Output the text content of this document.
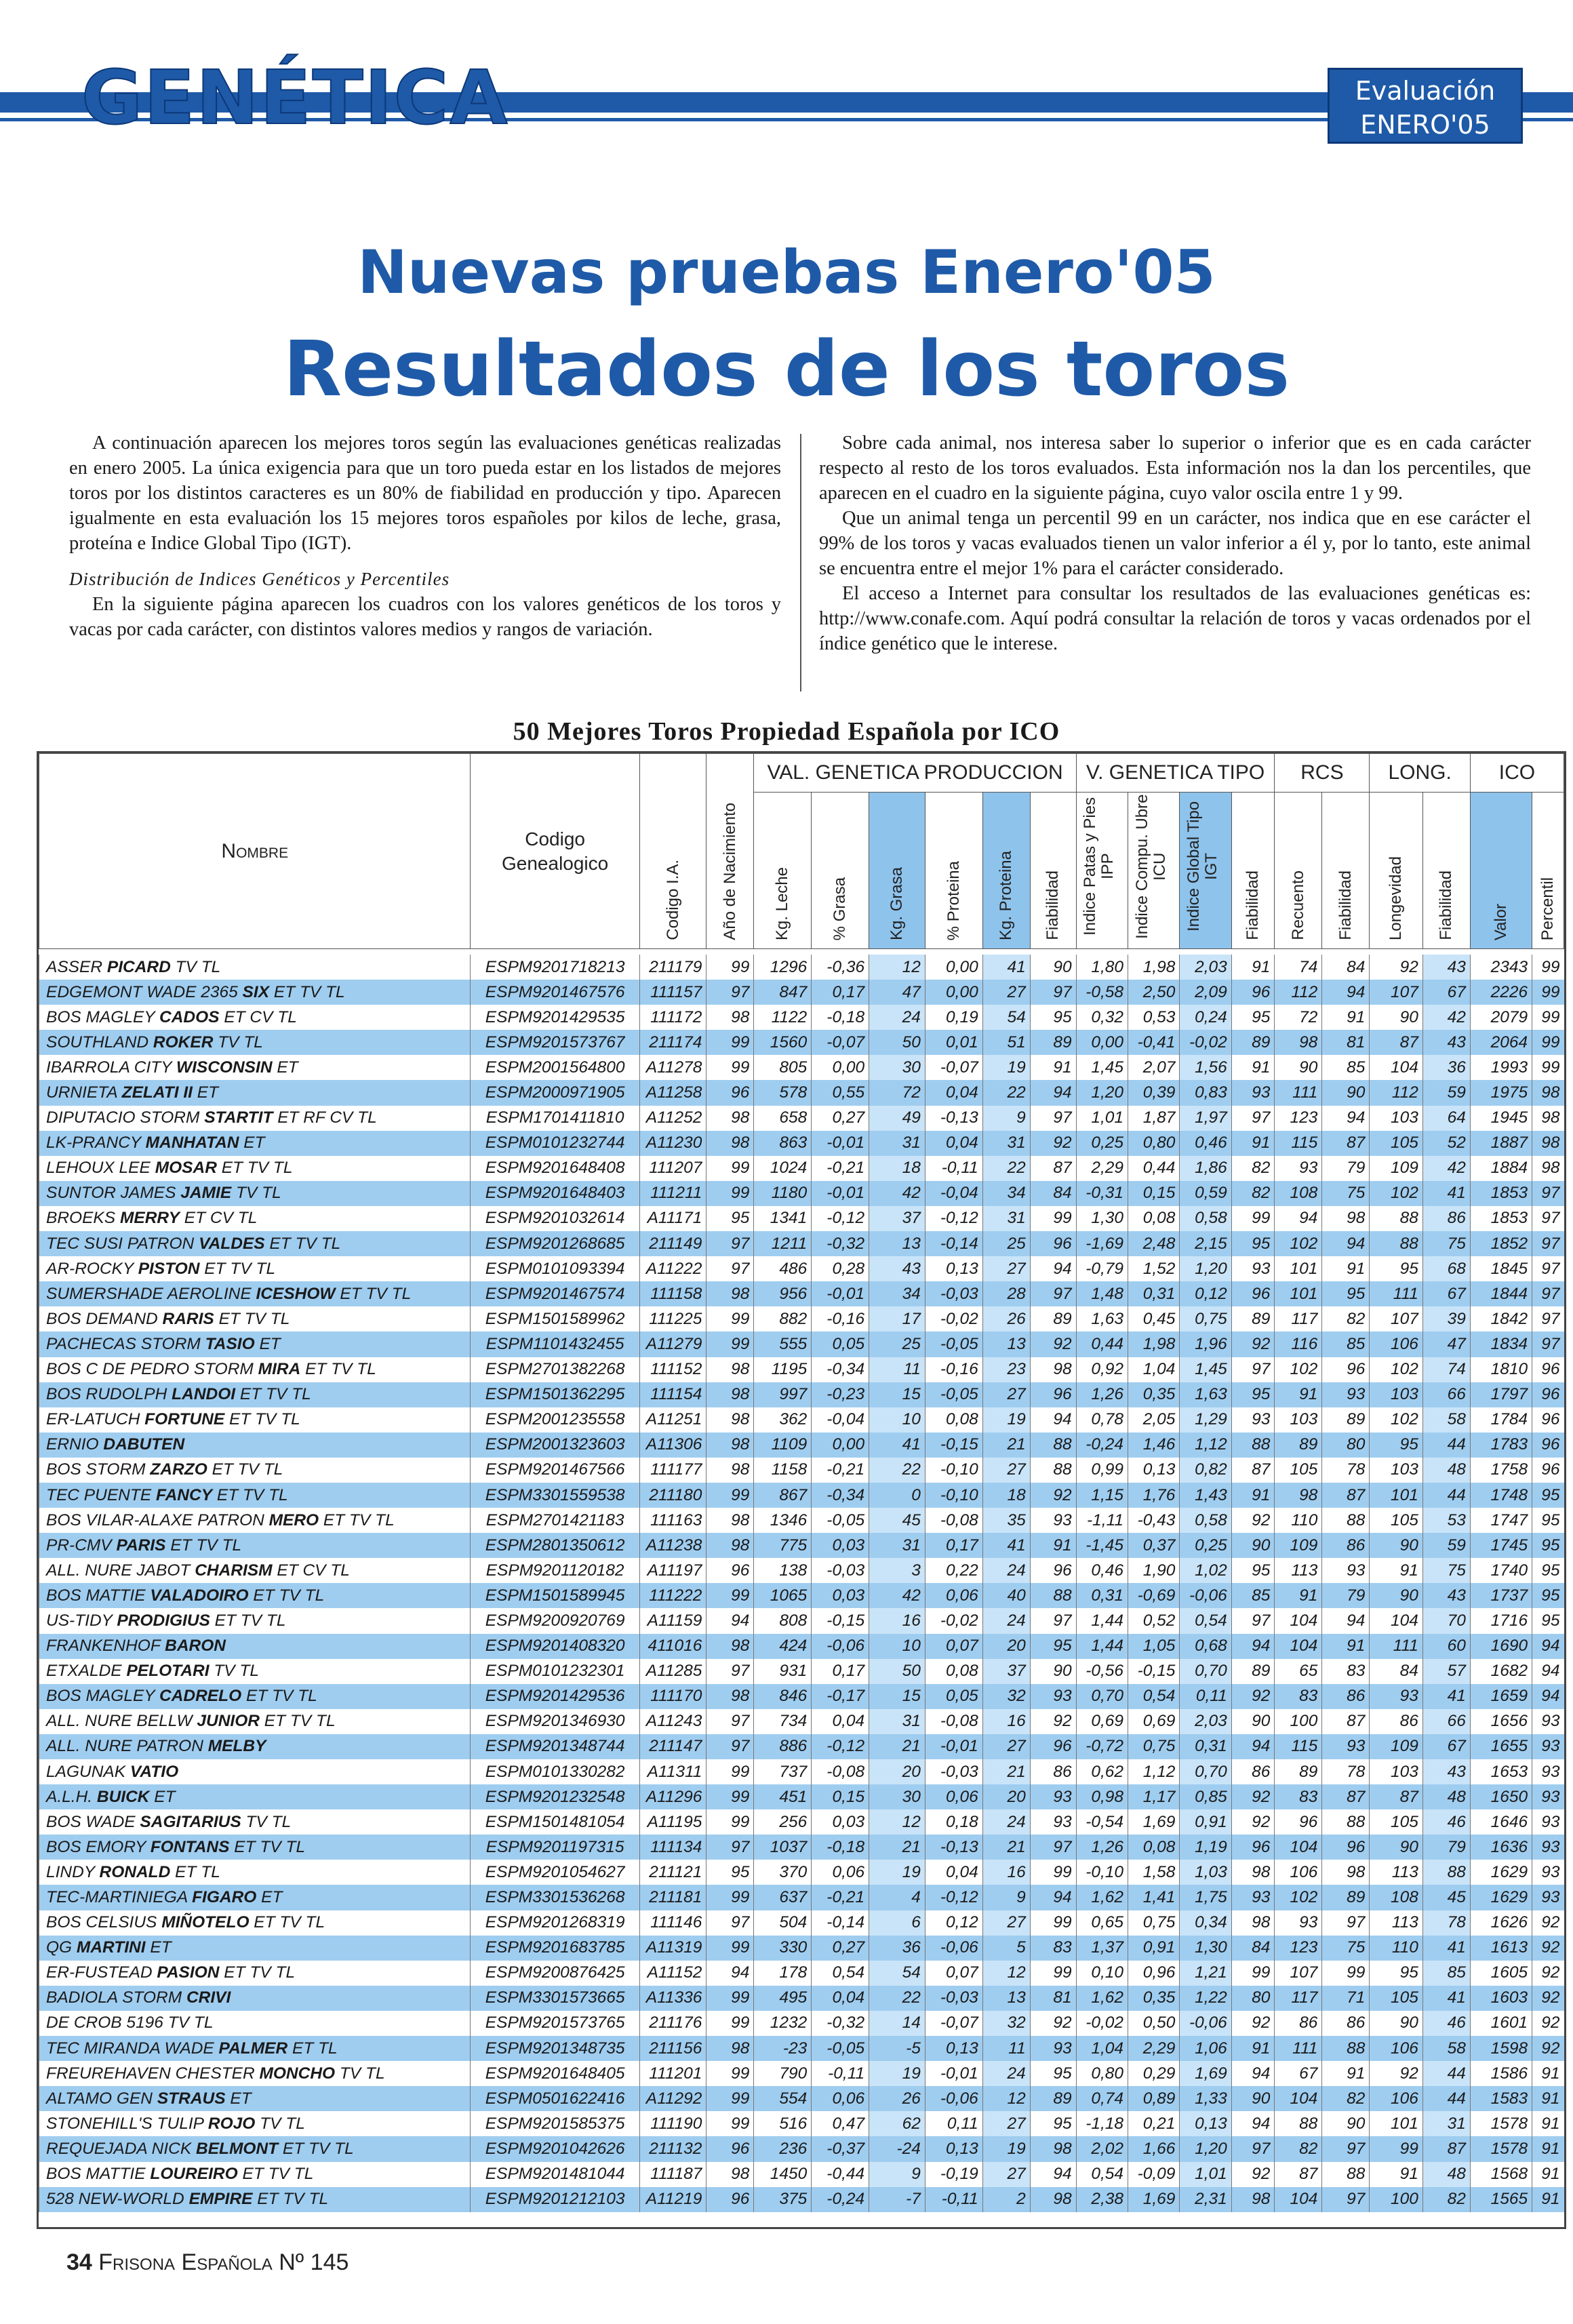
GENÉTICA	Evaluación
ENERO'05
Nuevas pruebas Enero'05
Resultados de los toros

A continuación aparecen los mejores toros según las evaluaciones genéticas realizadas en enero 2005. La única exigencia para que un toro pueda estar en los listados de mejores toros por los distintos caracteres es un 80% de fiabilidad en producción y tipo. Aparecen igualmente en esta evaluación los 15 mejores toros españoles por kilos de leche, grasa, proteína e Indice Global Tipo (IGT).

Distribución de Indices Genéticos y Percentiles

En la siguiente página aparecen los cuadros con los valores genéticos de los toros y vacas por cada carácter, con distintos valores medios y rangos de variación.

Sobre cada animal, nos interesa saber lo superior o inferior que es en cada carácter respecto al resto de los toros evaluados. Esta información nos la dan los percentiles, que aparecen en el cuadro en la siguiente página, cuyo valor oscila entre 1 y 99.

Que un animal tenga un percentil 99 en un carácter, nos indica que en ese carácter el 99% de los toros y vacas evaluados tienen un valor inferior a él y, por lo tanto, este animal se encuentra entre el mejor 1% para el carácter considerado.

El acceso a Internet para consultar los resultados de las evaluaciones genéticas es: http://www.conafe.com. Aquí podrá consultar la relación de toros y vacas ordenados por el índice genético que le interese.

50 Mejores Toros Propiedad Española por ICO
Nombre	Codigo Genealogico	Codigo I.A.	Año de Nacimiento	VAL. GENETICA PRODUCCION						V. GENETICA TIPO				RCS		LONG.		ICO	

				Kg. Leche	% Grasa	Kg. Grasa	% Proteina	Kg. Proteina	Fiabilidad	Indice Patas y Pies IPP	Indice Compu. Ubre ICU	Indice Global Tipo IGT	Fiabilidad	Recuento	Fiabilidad	Longevidad	Fiabilidad	Valor	Percentil

ASSER PICARD TV TL	ESPM9201718213	211179	99	1296	-0,36	12	0,00	41	90	1,80	1,98	2,03	91	74	84	92	43	2343	99
EDGEMONT WADE 2365 SIX ET TV TL	ESPM9201467576	111157	97	847	0,17	47	0,00	27	97	-0,58	2,50	2,09	96	112	94	107	67	2226	99
BOS MAGLEY CADOS ET CV TL	ESPM9201429535	111172	98	1122	-0,18	24	0,19	54	95	0,32	0,53	0,24	95	72	91	90	42	2079	99
SOUTHLAND ROKER TV TL	ESPM9201573767	211174	99	1560	-0,07	50	0,01	51	89	0,00	-0,41	-0,02	89	98	81	87	43	2064	99
IBARROLA CITY WISCONSIN ET	ESPM2001564800	A11278	99	805	0,00	30	-0,07	19	91	1,45	2,07	1,56	91	90	85	104	36	1993	99
URNIETA ZELATI II ET	ESPM2000971905	A11258	96	578	0,55	72	0,04	22	94	1,20	0,39	0,83	93	111	90	112	59	1975	98
DIPUTACIO STORM STARTIT ET RF CV TL	ESPM1701411810	A11252	98	658	0,27	49	-0,13	9	97	1,01	1,87	1,97	97	123	94	103	64	1945	98
LK-PRANCY MANHATAN ET	ESPM0101232744	A11230	98	863	-0,01	31	0,04	31	92	0,25	0,80	0,46	91	115	87	105	52	1887	98
LEHOUX LEE MOSAR ET TV TL	ESPM9201648408	111207	99	1024	-0,21	18	-0,11	22	87	2,29	0,44	1,86	82	93	79	109	42	1884	98
SUNTOR JAMES JAMIE TV TL	ESPM9201648403	111211	99	1180	-0,01	42	-0,04	34	84	-0,31	0,15	0,59	82	108	75	102	41	1853	97
BROEKS MERRY ET CV TL	ESPM9201032614	A11171	95	1341	-0,12	37	-0,12	31	99	1,30	0,08	0,58	99	94	98	88	86	1853	97
TEC SUSI PATRON VALDES ET TV TL	ESPM9201268685	211149	97	1211	-0,32	13	-0,14	25	96	-1,69	2,48	2,15	95	102	94	88	75	1852	97
AR-ROCKY PISTON ET TV TL	ESPM0101093394	A11222	97	486	0,28	43	0,13	27	94	-0,79	1,52	1,20	93	101	91	95	68	1845	97
SUMERSHADE AEROLINE ICESHOW ET TV TL	ESPM9201467574	111158	98	956	-0,01	34	-0,03	28	97	1,48	0,31	0,12	96	101	95	111	67	1844	97
BOS DEMAND RARIS ET TV TL	ESPM1501589962	111225	99	882	-0,16	17	-0,02	26	89	1,63	0,45	0,75	89	117	82	107	39	1842	97
PACHECAS STORM TASIO ET	ESPM1101432455	A11279	99	555	0,05	25	-0,05	13	92	0,44	1,98	1,96	92	116	85	106	47	1834	97
BOS C DE PEDRO STORM MIRA ET TV TL	ESPM2701382268	111152	98	1195	-0,34	11	-0,16	23	98	0,92	1,04	1,45	97	102	96	102	74	1810	96
BOS RUDOLPH LANDOI ET TV TL	ESPM1501362295	111154	98	997	-0,23	15	-0,05	27	96	1,26	0,35	1,63	95	91	93	103	66	1797	96
ER-LATUCH FORTUNE ET TV TL	ESPM2001235558	A11251	98	362	-0,04	10	0,08	19	94	0,78	2,05	1,29	93	103	89	102	58	1784	96
ERNIO DABUTEN	ESPM2001323603	A11306	98	1109	0,00	41	-0,15	21	88	-0,24	1,46	1,12	88	89	80	95	44	1783	96
BOS STORM ZARZO ET TV TL	ESPM9201467566	111177	98	1158	-0,21	22	-0,10	27	88	0,99	0,13	0,82	87	105	78	103	48	1758	96
TEC PUENTE FANCY ET TV TL	ESPM3301559538	211180	99	867	-0,34	0	-0,10	18	92	1,15	1,76	1,43	91	98	87	101	44	1748	95
BOS VILAR-ALAXE PATRON MERO ET TV TL	ESPM2701421183	111163	98	1346	-0,05	45	-0,08	35	93	-1,11	-0,43	0,58	92	110	88	105	53	1747	95
PR-CMV PARIS ET TV TL	ESPM2801350612	A11238	98	775	0,03	31	0,17	41	91	-1,45	0,37	0,25	90	109	86	90	59	1745	95
ALL. NURE JABOT CHARISM ET CV TL	ESPM9201120182	A11197	96	138	-0,03	3	0,22	24	96	0,46	1,90	1,02	95	113	93	91	75	1740	95
BOS MATTIE VALADOIRO ET TV TL	ESPM1501589945	111222	99	1065	0,03	42	0,06	40	88	0,31	-0,69	-0,06	85	91	79	90	43	1737	95
US-TIDY PRODIGIUS ET TV TL	ESPM9200920769	A11159	94	808	-0,15	16	-0,02	24	97	1,44	0,52	0,54	97	104	94	104	70	1716	95
FRANKENHOF BARON	ESPM9201408320	411016	98	424	-0,06	10	0,07	20	95	1,44	1,05	0,68	94	104	91	111	60	1690	94
ETXALDE PELOTARI TV TL	ESPM0101232301	A11285	97	931	0,17	50	0,08	37	90	-0,56	-0,15	0,70	89	65	83	84	57	1682	94
BOS MAGLEY CADRELO ET TV TL	ESPM9201429536	111170	98	846	-0,17	15	0,05	32	93	0,70	0,54	0,11	92	83	86	93	41	1659	94
ALL. NURE BELLW JUNIOR ET TV TL	ESPM9201346930	A11243	97	734	0,04	31	-0,08	16	92	0,69	0,69	2,03	90	100	87	86	66	1656	93
ALL. NURE PATRON MELBY	ESPM9201348744	211147	97	886	-0,12	21	-0,01	27	96	-0,72	0,75	0,31	94	115	93	109	67	1655	93
LAGUNAK VATIO	ESPM0101330282	A11311	99	737	-0,08	20	-0,03	21	86	0,62	1,12	0,70	86	89	78	103	43	1653	93
A.L.H. BUICK ET	ESPM9201232548	A11296	99	451	0,15	30	0,06	20	93	0,98	1,17	0,85	92	83	87	87	48	1650	93
BOS WADE SAGITARIUS TV TL	ESPM1501481054	A11195	99	256	0,03	12	0,18	24	93	-0,54	1,69	0,91	92	96	88	105	46	1646	93
BOS EMORY FONTANS ET TV TL	ESPM9201197315	111134	97	1037	-0,18	21	-0,13	21	97	1,26	0,08	1,19	96	104	96	90	79	1636	93
LINDY RONALD ET TL	ESPM9201054627	211121	95	370	0,06	19	0,04	16	99	-0,10	1,58	1,03	98	106	98	113	88	1629	93
TEC-MARTINIEGA FIGARO ET	ESPM3301536268	211181	99	637	-0,21	4	-0,12	9	94	1,62	1,41	1,75	93	102	89	108	45	1629	93
BOS CELSIUS MIÑOTELO ET TV TL	ESPM9201268319	111146	97	504	-0,14	6	0,12	27	99	0,65	0,75	0,34	98	93	97	113	78	1626	92
QG MARTINI ET	ESPM9201683785	A11319	99	330	0,27	36	-0,06	5	83	1,37	0,91	1,30	84	123	75	110	41	1613	92
ER-FUSTEAD PASION ET TV TL	ESPM9200876425	A11152	94	178	0,54	54	0,07	12	99	0,10	0,96	1,21	99	107	99	95	85	1605	92
BADIOLA STORM CRIVI	ESPM3301573665	A11336	99	495	0,04	22	-0,03	13	81	1,62	0,35	1,22	80	117	71	105	41	1603	92
DE CROB 5196 TV TL	ESPM9201573765	211176	99	1232	-0,32	14	-0,07	32	92	-0,02	0,50	-0,06	92	86	86	90	46	1601	92
TEC MIRANDA WADE PALMER ET TL	ESPM9201348735	211156	98	-23	-0,05	-5	0,13	11	93	1,04	2,29	1,06	91	111	88	106	58	1598	92
FREUREHAVEN CHESTER MONCHO TV TL	ESPM9201648405	111201	99	790	-0,11	19	-0,01	24	95	0,80	0,29	1,69	94	67	91	92	44	1586	91
ALTAMO GEN STRAUS ET	ESPM0501622416	A11292	99	554	0,06	26	-0,06	12	89	0,74	0,89	1,33	90	104	82	106	44	1583	91
STONEHILL'S TULIP ROJO TV TL	ESPM9201585375	111190	99	516	0,47	62	0,11	27	95	-1,18	0,21	0,13	94	88	90	101	31	1578	91
REQUEJADA NICK BELMONT ET TV TL	ESPM9201042626	211132	96	236	-0,37	-24	0,13	19	98	2,02	1,66	1,20	97	82	97	99	87	1578	91
BOS MATTIE LOUREIRO ET TV TL	ESPM9201481044	111187	98	1450	-0,44	9	-0,19	27	94	0,54	-0,09	1,01	92	87	88	91	48	1568	91
528 NEW-WORLD EMPIRE ET TV TL	ESPM9201212103	A11219	96	375	-0,24	-7	-0,11	2	98	2,38	1,69	2,31	98	104	97	100	82	1565	91
34 Frisona Española Nº 145
